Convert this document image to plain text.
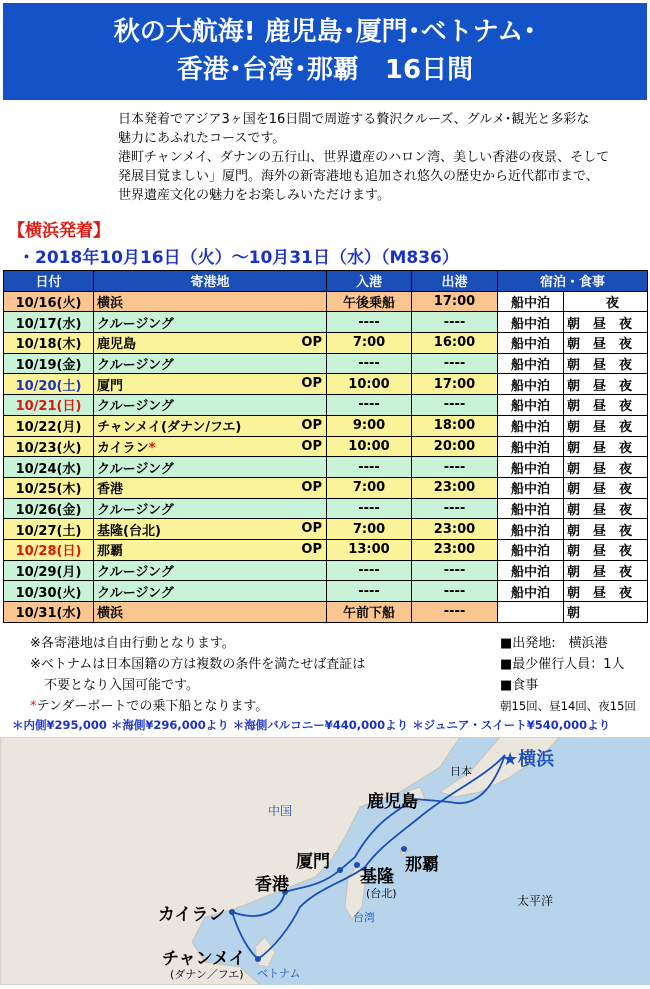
秋の大航海! 鹿児島･厦門･ベトナム･
香港･台湾･那覇　16日間
日本発着でアジア3ヶ国を16日間で周遊する贅沢クルーズ、グルメ･観光と多彩な
魅力にあふれたコースです。
港町チャンメイ、ダナンの五行山、世界遺産のハロン湾、美しい香港の夜景、そして
発展目覚ましい」厦門。海外の新寄港地も追加され悠久の歴史から近代都市まで、
世界遺産文化の魅力をお楽しみいただけます。
【横浜発着】
・2018年10月16日（火）～10月31日（水）（M836）
日付	寄港地	入港	出港	宿泊・食事	
10/16(火)	横浜	午後乗船	17:00	船中泊	　　　夜
10/17(水)	クルージング	----	----	船中泊	朝　昼　夜
10/18(木)	鹿児島 OP	7:00	16:00	船中泊	朝　昼　夜
10/19(金)	クルージング	----	----	船中泊	朝　昼　夜
10/20(土)	厦門 OP	10:00	17:00	船中泊	朝　昼　夜
10/21(日)	クルージング	----	----	船中泊	朝　昼　夜
10/22(月)	チャンメイ(ダナン/フエ) OP	9:00	18:00	船中泊	朝　昼　夜
10/23(火)	カイラン* OP	10:00	20:00	船中泊	朝　昼　夜
10/24(水)	クルージング	----	----	船中泊	朝　昼　夜
10/25(木)	香港 OP	7:00	23:00	船中泊	朝　昼　夜
10/26(金)	クルージング	----	----	船中泊	朝　昼　夜
10/27(土)	基隆(台北) OP	7:00	23:00	船中泊	朝　昼　夜
10/28(日)	那覇 OP	13:00	23:00	船中泊	朝　昼　夜
10/29(月)	クルージング	----	----	船中泊	朝　昼　夜
10/30(火)	クルージング	----	----	船中泊	朝　昼　夜
10/31(水)	横浜	午前下船	----		朝
※各寄港地は自由行動となります。
※ベトナムは日本国籍の方は複数の条件を満たせば査証は
不要となり入国可能です。
*テンダーボートでの乗下船となります。
■出発地:　横浜港
■最少催行人員：1人
■食事
朝15回、昼14回、夜15回
＊内側¥295,000 ＊海側¥296,000より ＊海側バルコニー¥440,000より ＊ジュニア・スイート¥540,000より
★横浜
日本
中国	鹿児島
厦門
香港	基隆
(台北)
那覇
台湾
太平洋
カイラン
チャンメイ
(ダナン／フエ) ベトナム
